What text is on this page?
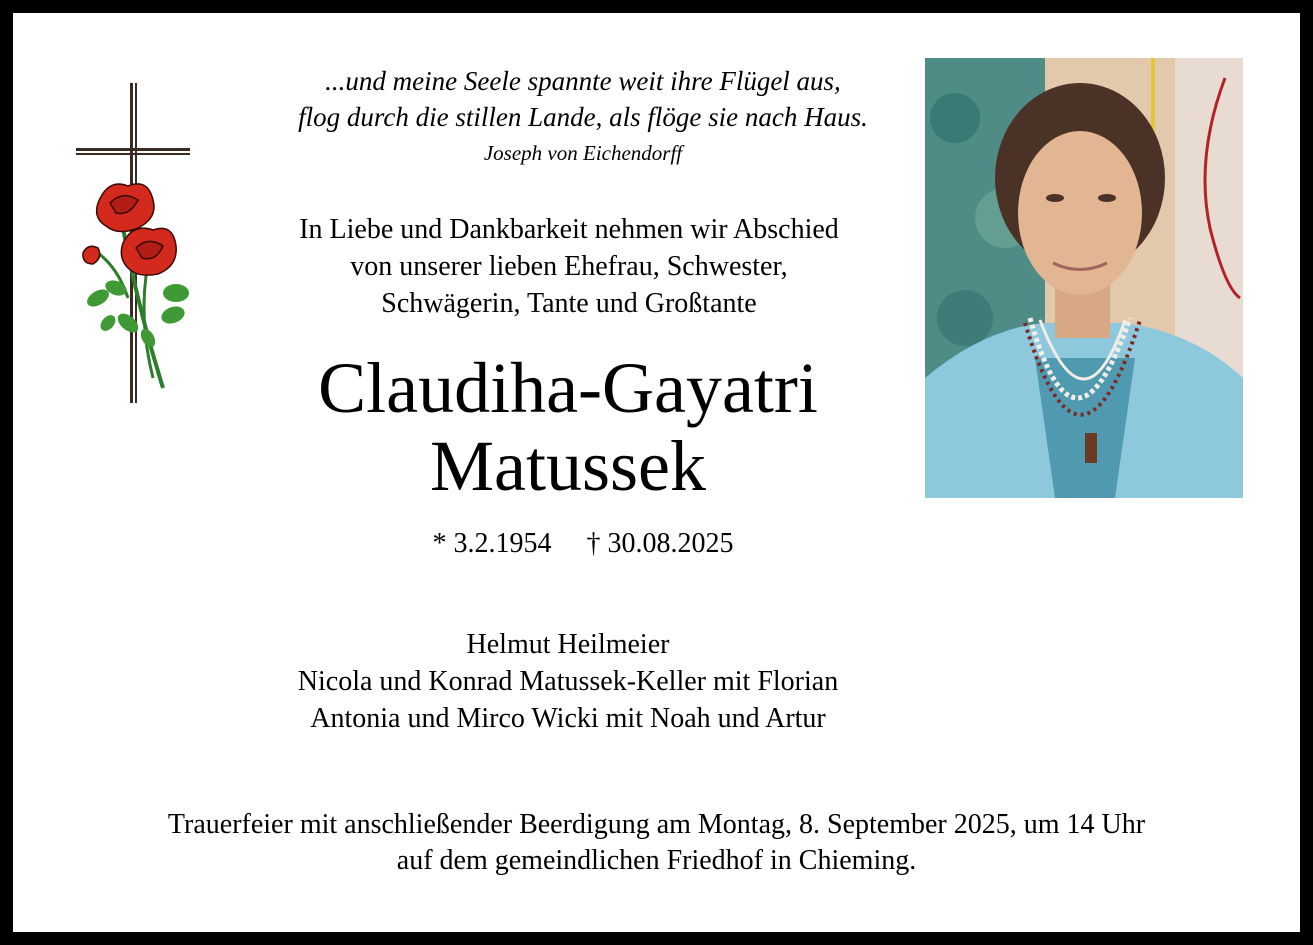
...und meine Seele spannte weit ihre Flügel aus,
flog durch die stillen Lande, als flöge sie nach Haus.
Joseph von Eichendorff
In Liebe und Dankbarkeit nehmen wir Abschied
von unserer lieben Ehefrau, Schwester,
Schwägerin, Tante und Großtante
Claudiha-Gayatri
Matussek
* 3.2.1954     † 30.08.2025
Helmut Heilmeier
Nicola und Konrad Matussek-Keller mit Florian
Antonia und Mirco Wicki mit Noah und Artur
Trauerfeier mit anschließender Beerdigung am Montag, 8. September 2025, um 14 Uhr
auf dem gemeindlichen Friedhof in Chieming.
